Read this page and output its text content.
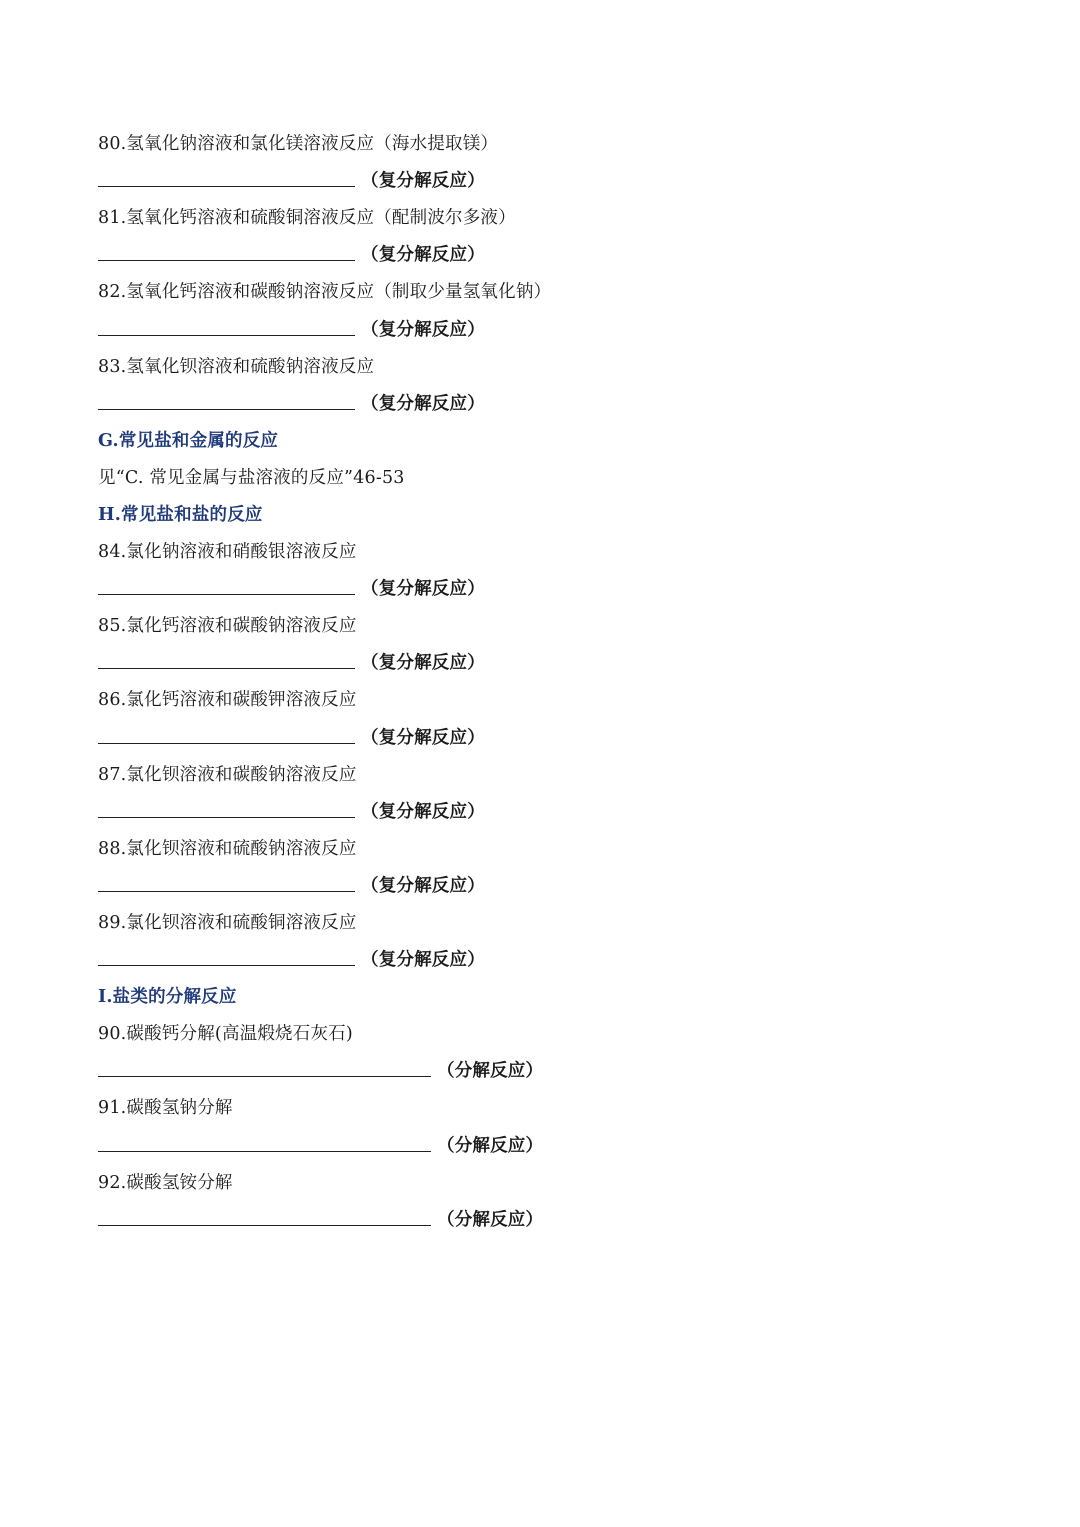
80.氢氧化钠溶液和氯化镁溶液反应（海水提取镁）
（复分解反应）
81.氢氧化钙溶液和硫酸铜溶液反应（配制波尔多液）
（复分解反应）
82.氢氧化钙溶液和碳酸钠溶液反应（制取少量氢氧化钠）
（复分解反应）
83.氢氧化钡溶液和硫酸钠溶液反应
（复分解反应）
G.常见盐和金属的反应
见“C. 常见金属与盐溶液的反应”46-53
H.常见盐和盐的反应
84.氯化钠溶液和硝酸银溶液反应
（复分解反应）
85.氯化钙溶液和碳酸钠溶液反应
（复分解反应）
86.氯化钙溶液和碳酸钾溶液反应
（复分解反应）
87.氯化钡溶液和碳酸钠溶液反应
（复分解反应）
88.氯化钡溶液和硫酸钠溶液反应
（复分解反应）
89.氯化钡溶液和硫酸铜溶液反应
（复分解反应）
I.盐类的分解反应
90.碳酸钙分解(高温煅烧石灰石)
（分解反应）
91.碳酸氢钠分解
（分解反应）
92.碳酸氢铵分解
（分解反应）
